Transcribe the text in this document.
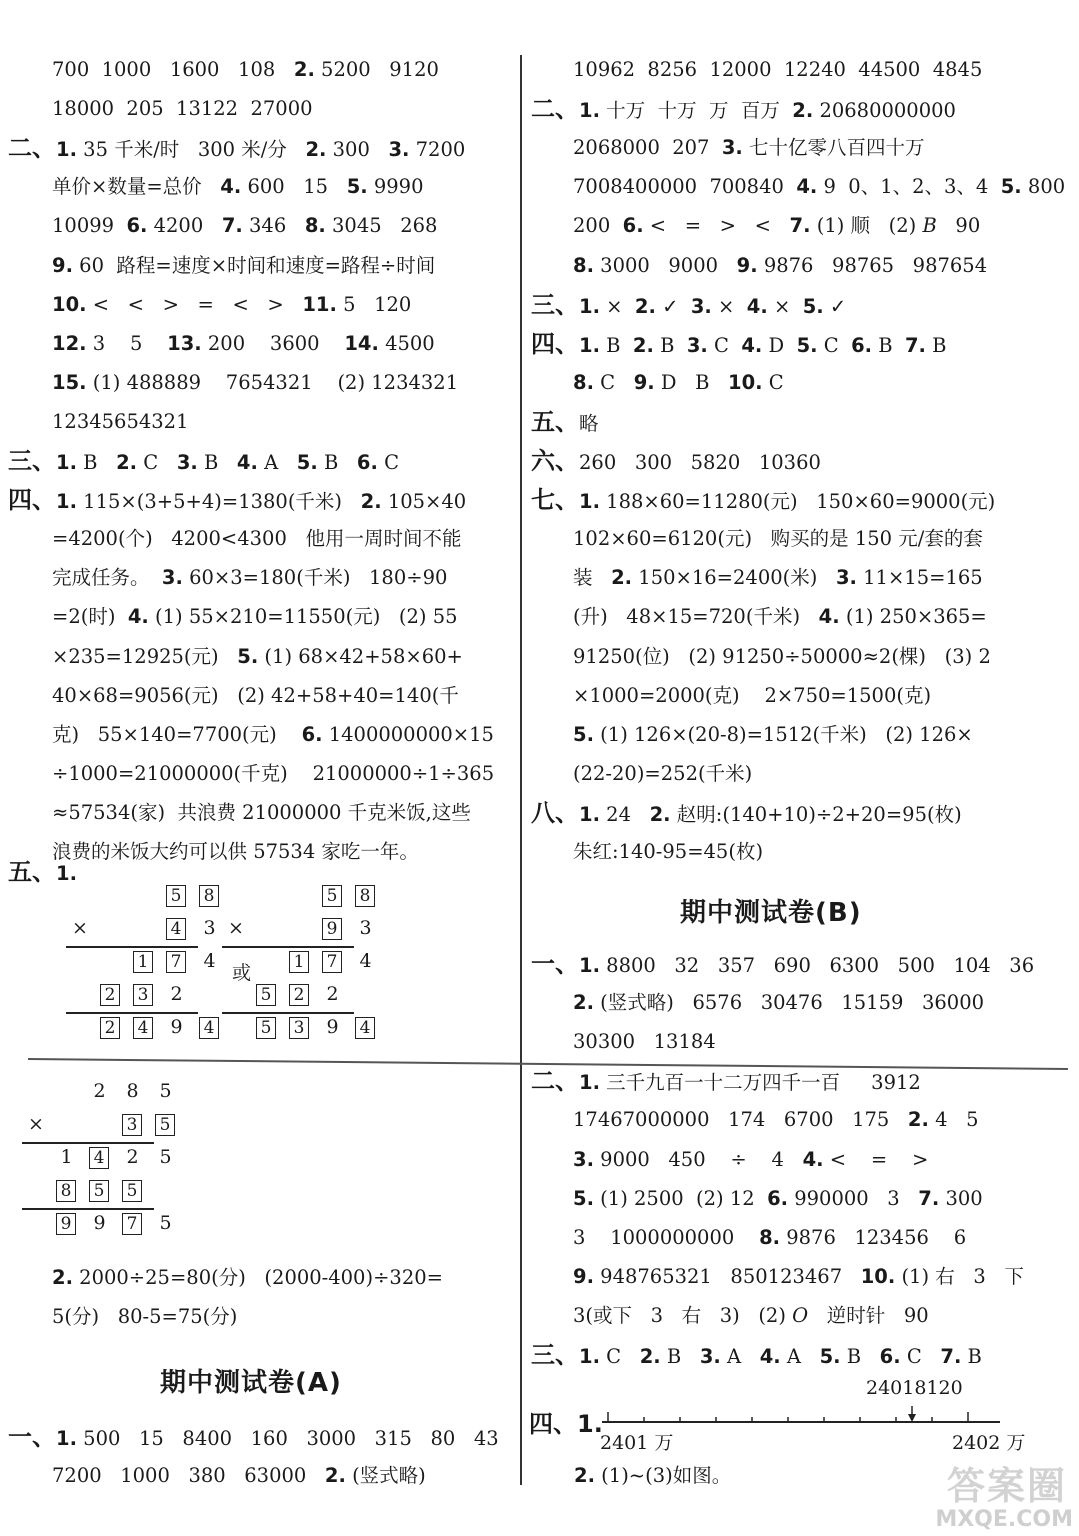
700  1000   1600   108   2. 5200   9120
18000  205  13122  27000
二、1. 35 千米/时   300 米/分   2. 300   3. 7200
单价×数量=总价   4. 600   15   5. 9990
10099  6. 4200   7. 346   8. 3045   268
9. 60  路程=速度×时间和速度=路程÷时间
10. <   <   >   =   <   >   11. 5   120
12. 3    5    13. 200    3600    14. 4500
15. (1) 488889    7654321    (2) 1234321
12345654321
三、1. B   2. C   3. B   4. A   5. B   6. C
四、1. 115×(3+5+4)=1380(千米)   2. 105×40
=4200(个)   4200<4300   他用一周时间不能
完成任务。  3. 60×3=180(千米)   180÷90
=2(时)  4. (1) 55×210=11550(元)   (2) 55
×235=12925(元)   5. (1) 68×42+58×60+
40×68=9056(元)   (2) 42+58+40=140(千
克)   55×140=7700(元)    6. 1400000000×15
÷1000=21000000(千克)    21000000÷1÷365
≈57534(家)  共浪费 21000000 千克米饭,这些
浪费的米饭大约可以供 57534 家吃一年。
2. 2000÷25=80(分)   (2000-400)÷320=
5(分)   80-5=75(分)
一、1. 500   15   8400   160   3000   315   80   43
7200   1000   380   63000   2. (竖式略)
五、1.
10962  8256  12000  12240  44500  4845
二、1. 十万  十万  万  百万  2. 20680000000
2068000  207  3. 七十亿零八百四十万
7008400000  700840  4. 9  0、1、2、3、4  5. 800
200  6. <   =   >   <   7. (1) 顺   (2) B   90
8. 3000   9000   9. 9876   98765   987654
三、1. ×  2. ✓  3. ×  4. ×  5. ✓
四、1. B  2. B  3. C  4. D  5. C  6. B  7. B
8. C   9. D   B   10. C
五、略
六、260   300   5820   10360
七、1. 188×60=11280(元)   150×60=9000(元)
102×60=6120(元)   购买的是 150 元/套的套
装   2. 150×16=2400(米)   3. 11×15=165
(升)   48×15=720(千米)   4. (1) 250×365=
91250(位)   (2) 91250÷50000≈2(棵)   (3) 2
×1000=2000(克)    2×750=1500(克)
5. (1) 126×(20-8)=1512(千米)   (2) 126×
(22-20)=252(千米)
八、1. 24   2. 赵明:(140+10)÷2+20=95(枚)
朱红:140-95=45(枚)
一、1. 8800   32   357   690   6300   500   104   36
2. (竖式略)   6576   30476   15159   36000
30300   13184
二、1. 三千九百一十二万四千一百     3912
17467000000   174   6700   175   2. 4   5
3. 9000   450    ÷    4   4. <    =    >
5. (1) 2500  (2) 12  6. 990000   3   7. 300
3    1000000000    8. 9876   123456    6
9. 948765321   850123467   10. (1) 右   3   下
3(或下   3   右   3)   (2) O   逆时针   90
三、1. C   2. B   3. A   4. A   5. B   6. C   7. B
期中测试卷(A)
期中测试卷(B)
四、1.
24018120
2401 万	2402 万
2. (1)~(3)如图。	答案圈
MXQE.COM
5 8
×	4 3
1 7 4
2 3 2
2 4 9 4
5 8
×	9 3
1 7 4
5 2 2
5 3 9 4
2 8 5
×	3 5
1 4 2 5
8 5 5
9 9 7 5
或
